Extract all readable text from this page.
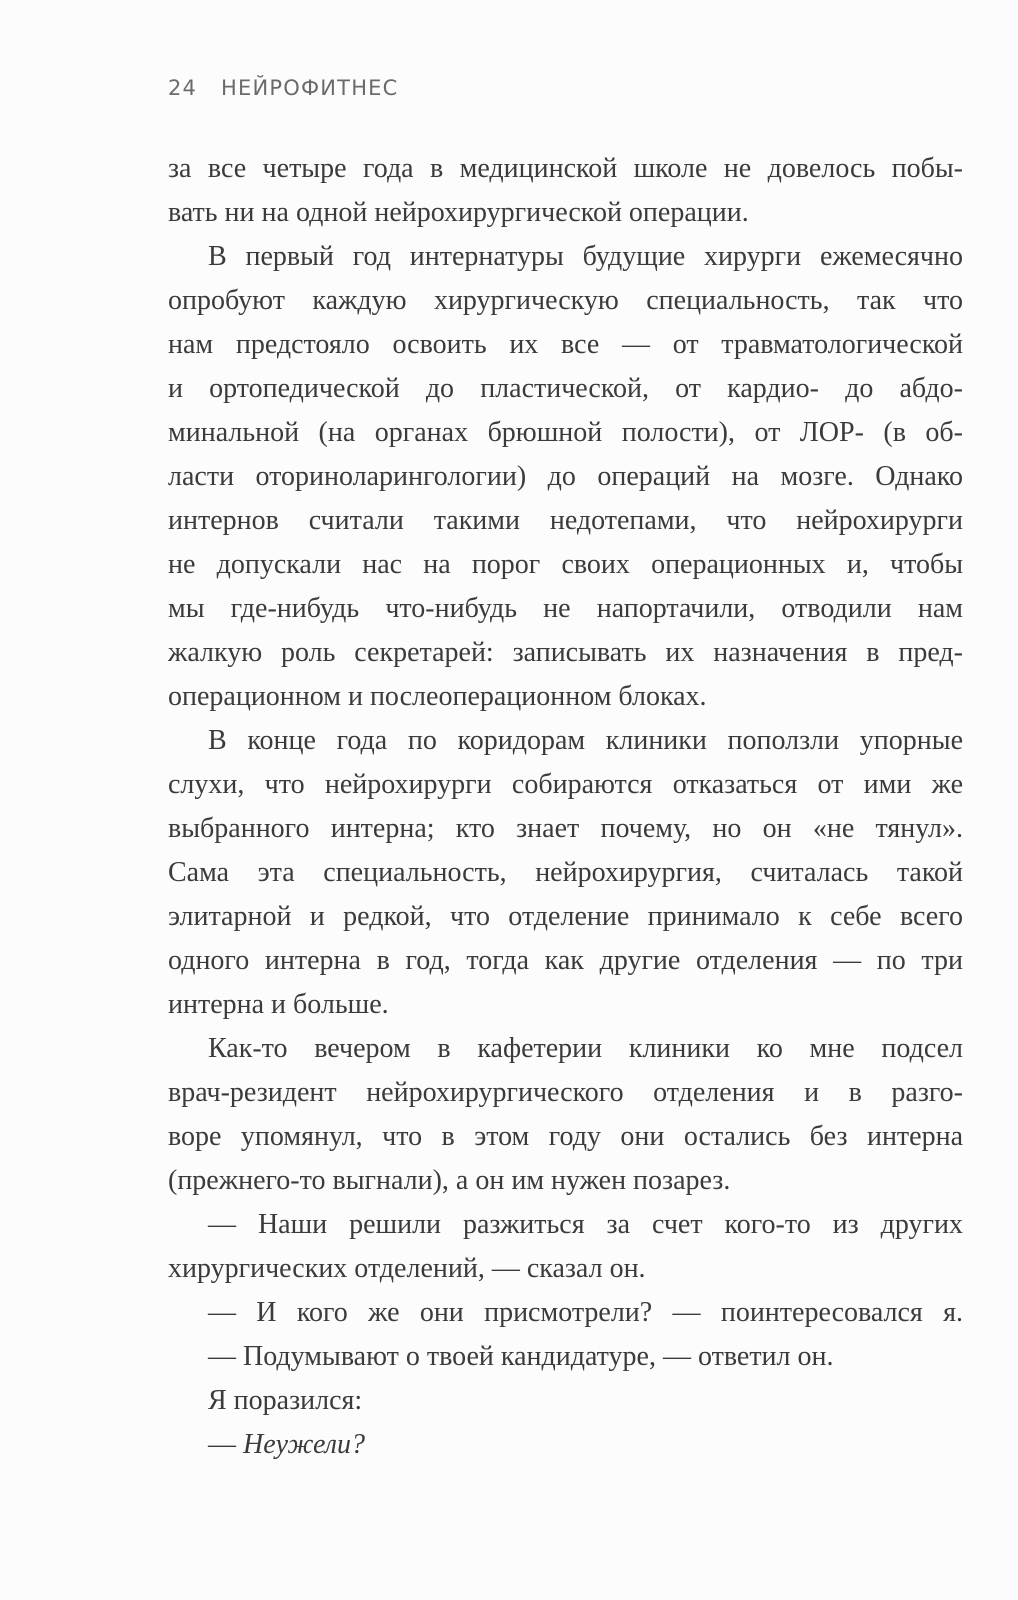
24 НЕЙРОФИТНЕС
за все четыре года в медицинской школе не довелось побы-
вать ни на одной нейрохирургической операции.
В первый год интернатуры будущие хирурги ежемесячно
опробуют каждую хирургическую специальность, так что
нам предстояло освоить их все — от травматологической
и ортопедической до пластической, от кардио- до абдо-
минальной (на органах брюшной полости), от ЛОР- (в об-
ласти оториноларингологии) до операций на мозге. Однако
интернов считали такими недотепами, что нейрохирурги
не допускали нас на порог своих операционных и, чтобы
мы где-нибудь что-нибудь не напортачили, отводили нам
жалкую роль секретарей: записывать их назначения в пред-
операционном и послеоперационном блоках.
В конце года по коридорам клиники поползли упорные
слухи, что нейрохирурги собираются отказаться от ими же
выбранного интерна; кто знает почему, но он «не тянул».
Сама эта специальность, нейрохирургия, считалась такой
элитарной и редкой, что отделение принимало к себе всего
одного интерна в год, тогда как другие отделения — по три
интерна и больше.
Как-то вечером в кафетерии клиники ко мне подсел
врач-резидент нейрохирургического отделения и в разго-
воре упомянул, что в этом году они остались без интерна
(прежнего-то выгнали), а он им нужен позарез.
— Наши решили разжиться за счет кого-то из других
хирургических отделений, — сказал он.
— И кого же они присмотрели? — поинтересовался я.
— Подумывают о твоей кандидатуре, — ответил он.
Я поразился:
— Неужели?
